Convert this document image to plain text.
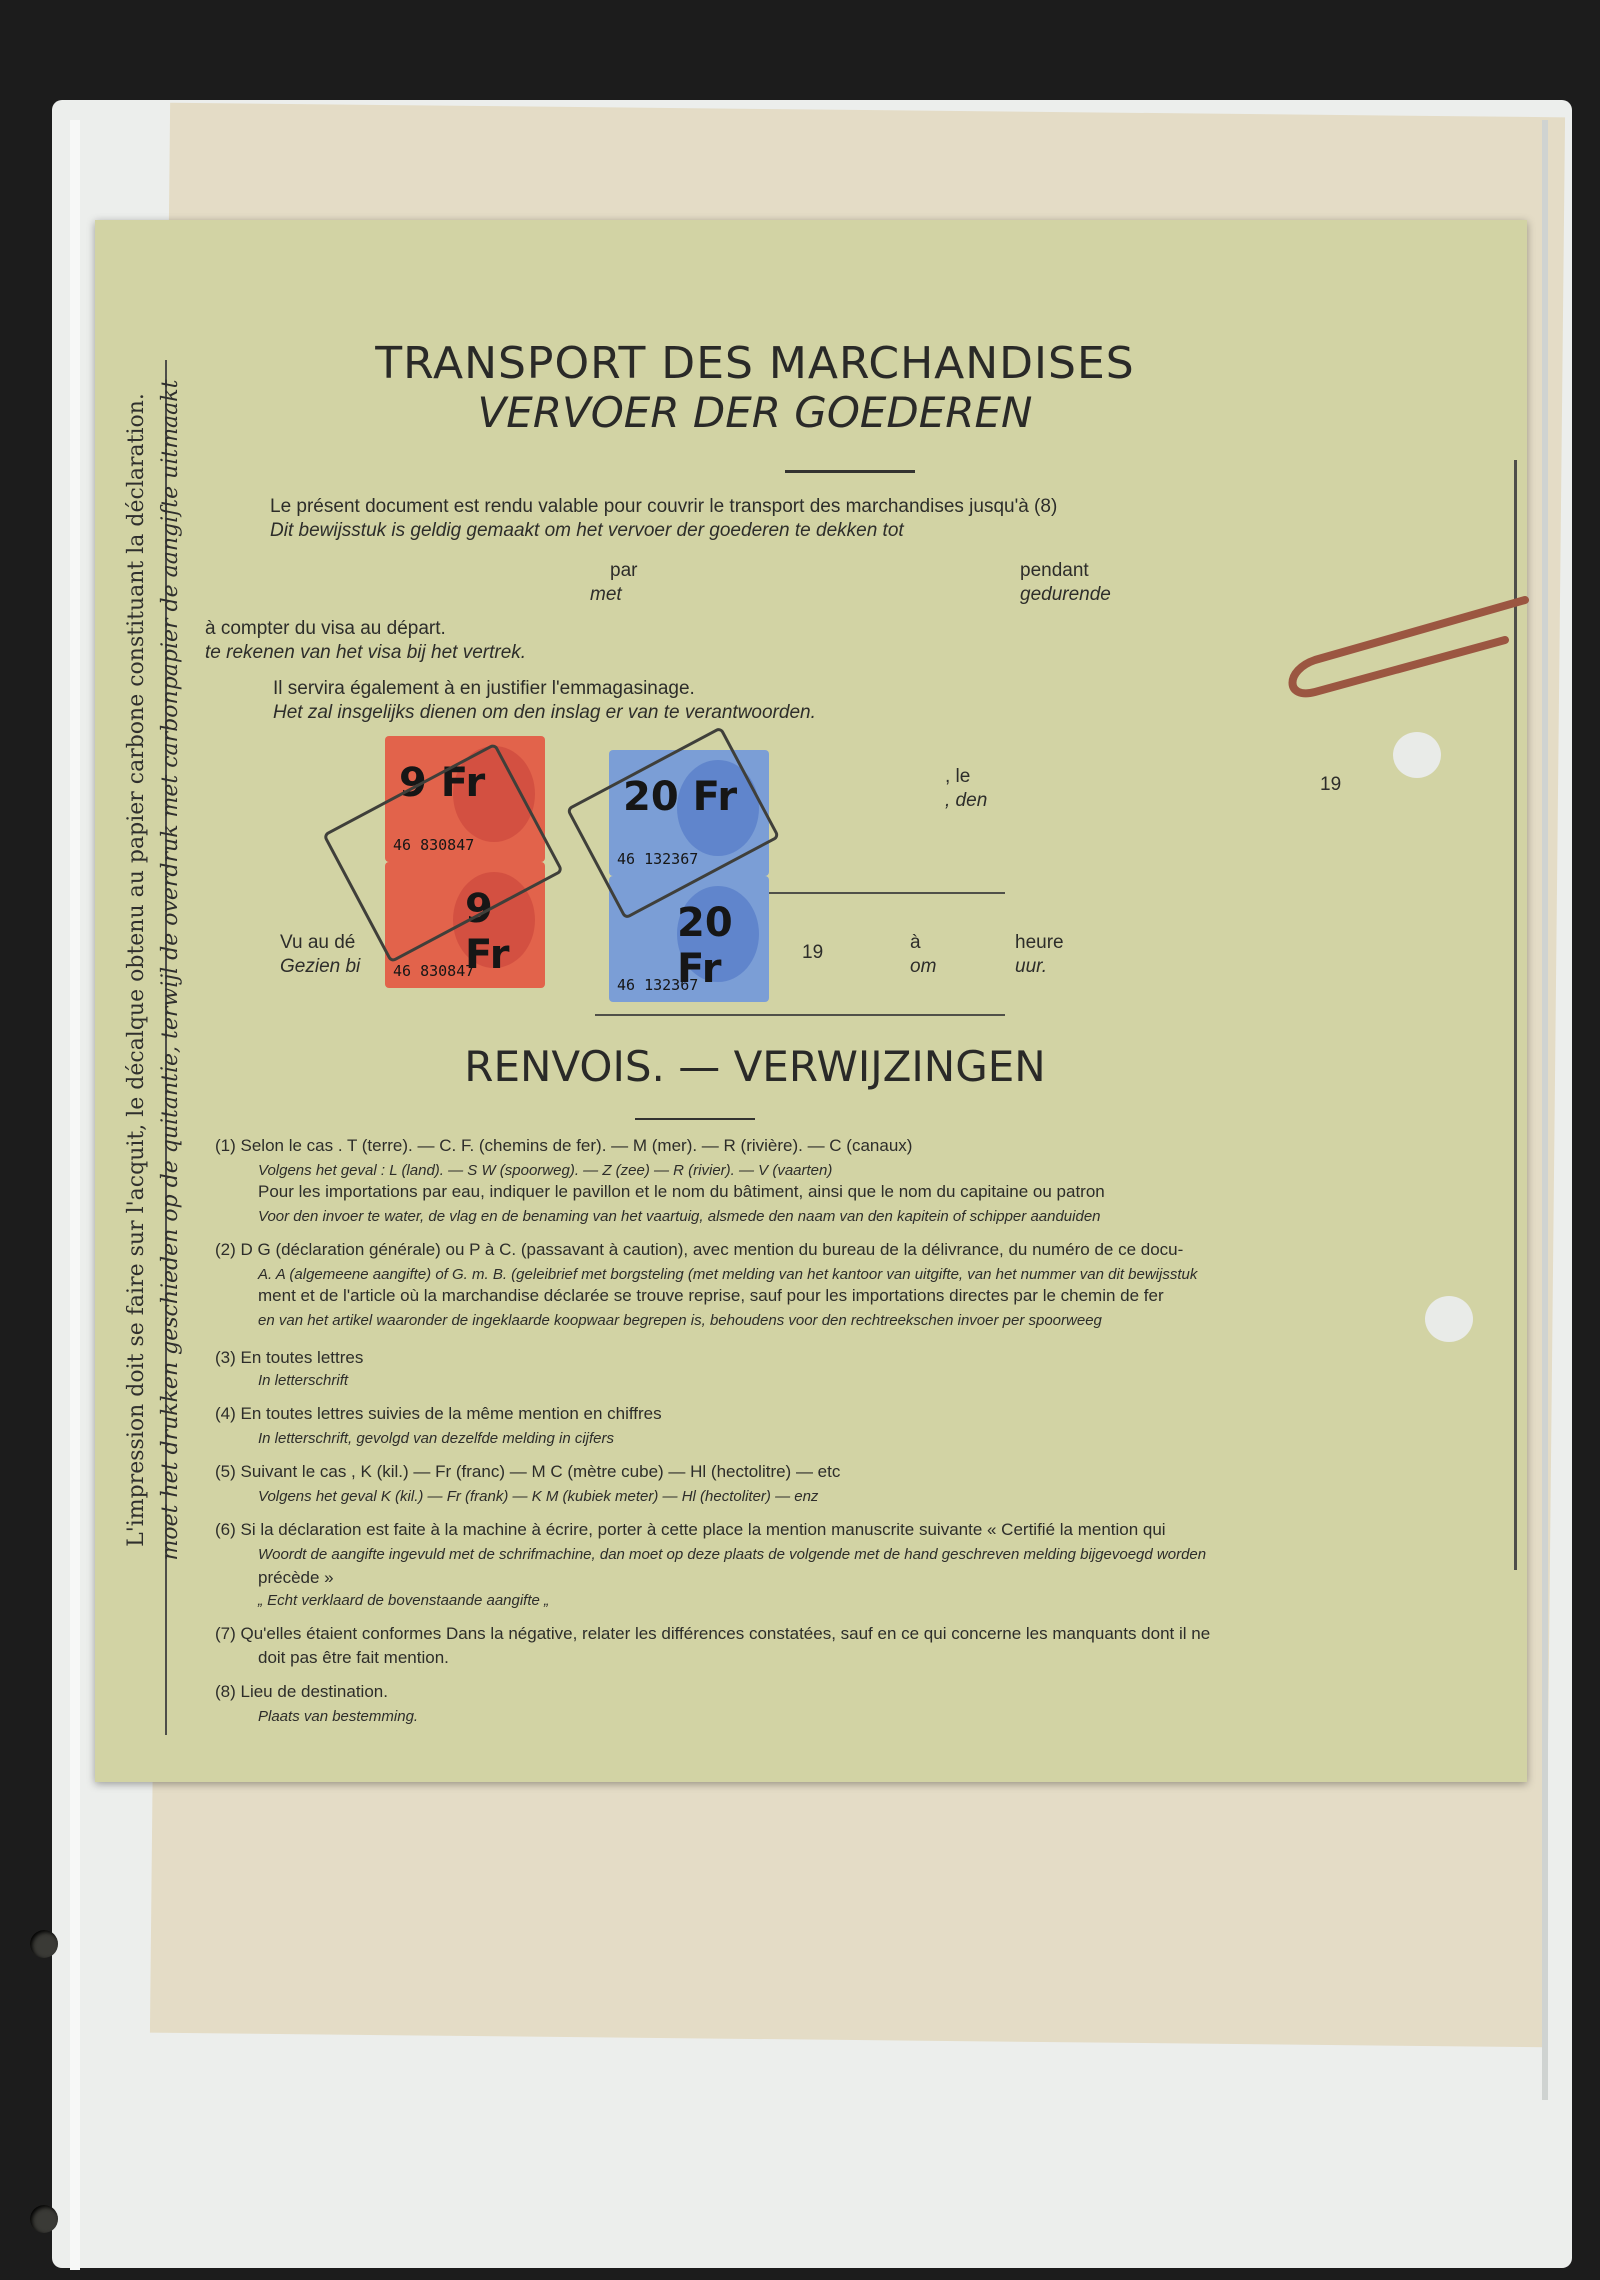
L'impression doit se faire sur l'acquit, le décalque obtenu au papier carbone constituant la déclaration. moet het drukken geschieden op de quitantie, terwijl de overdruk met carbonpapier de aangifte uitmaakt
TRANSPORT DES MARCHANDISES
VERVOER DER GOEDEREN
Le présent document est rendu valable pour couvrir le transport des marchandises jusqu'à (8)
Dit bewijsstuk is geldig gemaakt om het vervoer der goederen te dekken tot
par
met
pendant
gedurende
à compter du visa au départ.
te rekenen van het visa bij het vertrek.
Il servira également à en justifier l'emmagasinage.
Het zal insgelijks dienen om den inslag er van te verantwoorden.
, le
, den
19
Vu au dé
Gezien bi
19	à
om
heure
uur.
9 Fr
46 830847
20 Fr
46 132367
9 Fr
46 830847
20 Fr
46 132367
RENVOIS. — VERWIJZINGEN
(1) Selon le cas . T (terre). — C. F. (chemins de fer). — M (mer). — R (rivière). — C (canaux)
Volgens het geval : L (land). — S W (spoorweg). — Z (zee) — R (rivier). — V (vaarten)
Pour les importations par eau, indiquer le pavillon et le nom du bâtiment, ainsi que le nom du capitaine ou patron
Voor den invoer te water, de vlag en de benaming van het vaartuig, alsmede den naam van den kapitein of schipper aanduiden
(2) D G (déclaration générale) ou P à C. (passavant à caution), avec mention du bureau de la délivrance, du numéro de ce docu-
A. A (algemeene aangifte) of G. m. B. (geleibrief met borgsteling (met melding van het kantoor van uitgifte, van het nummer van dit bewijsstuk
ment et de l'article où la marchandise déclarée se trouve reprise, sauf pour les importations directes par le chemin de fer
en van het artikel waaronder de ingeklaarde koopwaar begrepen is, behoudens voor den rechtreekschen invoer per spoorweeg
(3) En toutes lettres
In letterschrift
(4) En toutes lettres suivies de la même mention en chiffres
In letterschrift, gevolgd van dezelfde melding in cijfers
(5) Suivant le cas , K (kil.) — Fr (franc) — M C (mètre cube) — Hl (hectolitre) — etc
Volgens het geval K (kil.) — Fr (frank) — K M (kubiek meter) — Hl (hectoliter) — enz
(6) Si la déclaration est faite à la machine à écrire, porter à cette place la mention manuscrite suivante « Certifié la mention qui
Woordt de aangifte ingevuld met de schrifmachine, dan moet op deze plaats de volgende met de hand geschreven melding bijgevoegd worden
précède »
„ Echt verklaard de bovenstaande aangifte „
(7) Qu'elles étaient conformes Dans la négative, relater les différences constatées, sauf en ce qui concerne les manquants dont il ne
doit pas être fait mention.
(8) Lieu de destination.
Plaats van bestemming.
